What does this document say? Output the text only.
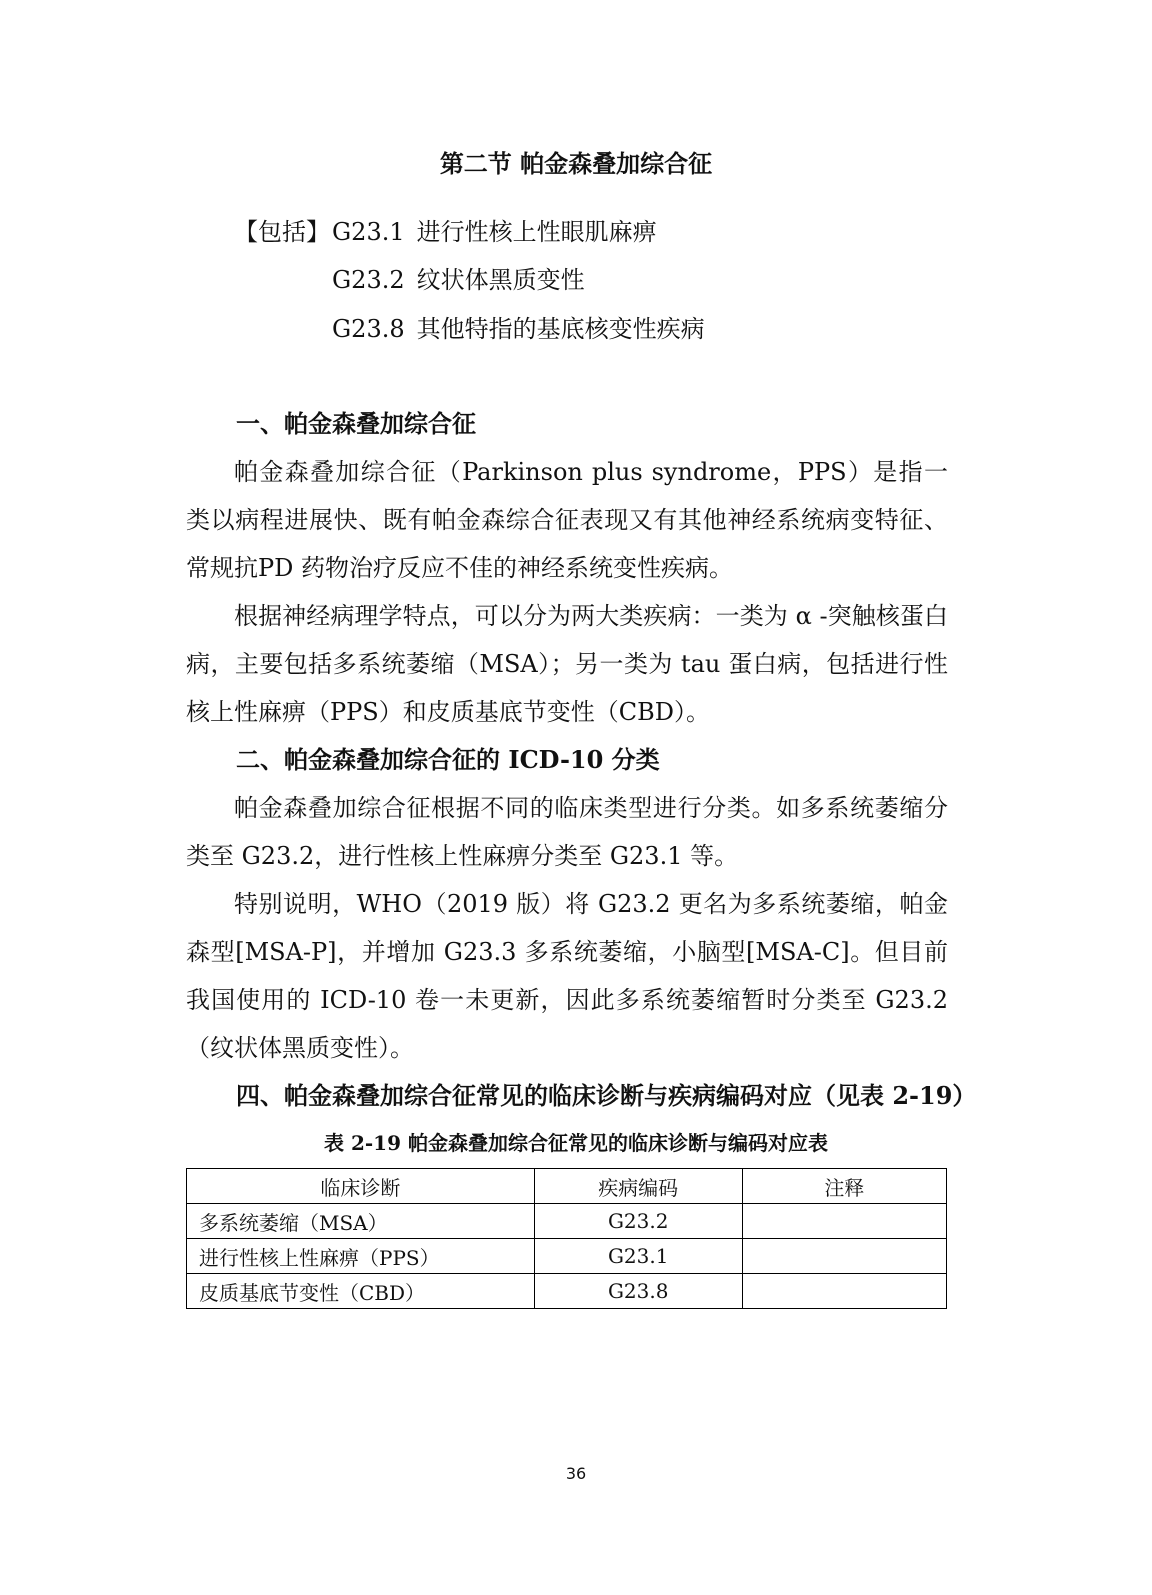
第二节 帕金森叠加综合征
【包括】 G23.1 进行性核上性眼肌麻痹
G23.2 纹状体黑质变性
G23.8 其他特指的基底核变性疾病
一、帕金森叠加综合征

帕金森叠加综合征（Parkinson plus syndrome，PPS）是指一类以病程进展快、既有帕金森综合征表现又有其他神经系统病变特征、常规抗PD 药物治疗反应不佳的神经系统变性疾病。

根据神经病理学特点，可以分为两大类疾病：一类为 α -突触核蛋白病，主要包括多系统萎缩（MSA）；另一类为 tau 蛋白病，包括进行性核上性麻痹（PPS）和皮质基底节变性（CBD）。

二、帕金森叠加综合征的 ICD-10 分类

帕金森叠加综合征根据不同的临床类型进行分类。如多系统萎缩分类至 G23.2，进行性核上性麻痹分类至 G23.1 等。

特别说明，WHO（2019 版）将 G23.2 更名为多系统萎缩，帕金森型[MSA-P]，并增加 G23.3 多系统萎缩，小脑型[MSA-C]。但目前我国使用的 ICD-10 卷一未更新，因此多系统萎缩暂时分类至 G23.2（纹状体黑质变性）。

四、帕金森叠加综合征常见的临床诊断与疾病编码对应（见表 2-19）
表 2-19 帕金森叠加综合征常见的临床诊断与编码对应表
临床诊断	疾病编码	注释
多系统萎缩（MSA）	G23.2	
进行性核上性麻痹（PPS）	G23.1	
皮质基底节变性（CBD）	G23.8	
36
